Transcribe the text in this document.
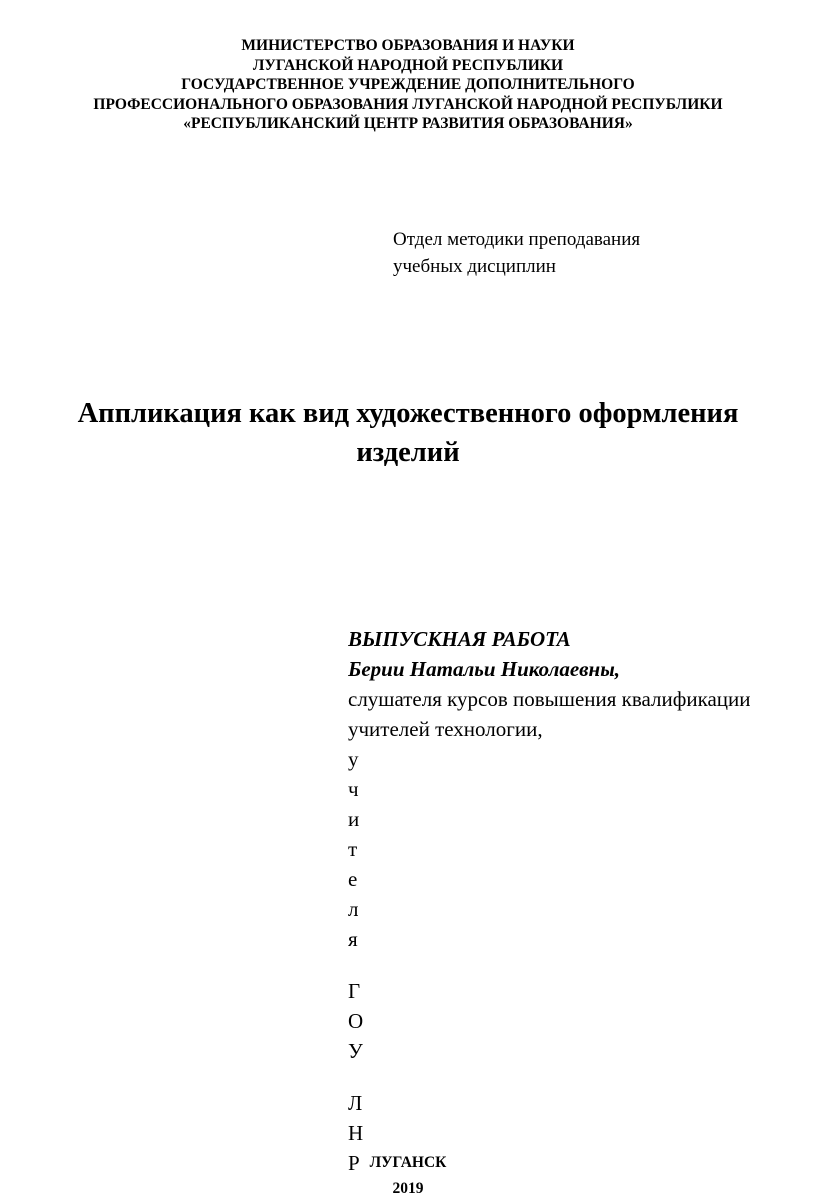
МИНИСТЕРСТВО ОБРАЗОВАНИЯ И НАУКИ
ЛУГАНСКОЙ НАРОДНОЙ РЕСПУБЛИКИ
ГОСУДАРСТВЕННОЕ УЧРЕЖДЕНИЕ ДОПОЛНИТЕЛЬНОГО
ПРОФЕССИОНАЛЬНОГО ОБРАЗОВАНИЯ ЛУГАНСКОЙ НАРОДНОЙ РЕСПУБЛИКИ
«РЕСПУБЛИКАНСКИЙ ЦЕНТР РАЗВИТИЯ ОБРАЗОВАНИЯ»
Отдел методики преподавания
учебных дисциплин
Аппликация как вид художественного оформления
изделий
ВЫПУСКНАЯ РАБОТА
Берии Натальи Николаевны,
слушателя курсов повышения квалификации
учителей технологии,
у
ч
и
т
е
л
я
Г
О
У
Л
Н
Р ЛУГАНСК
2019
